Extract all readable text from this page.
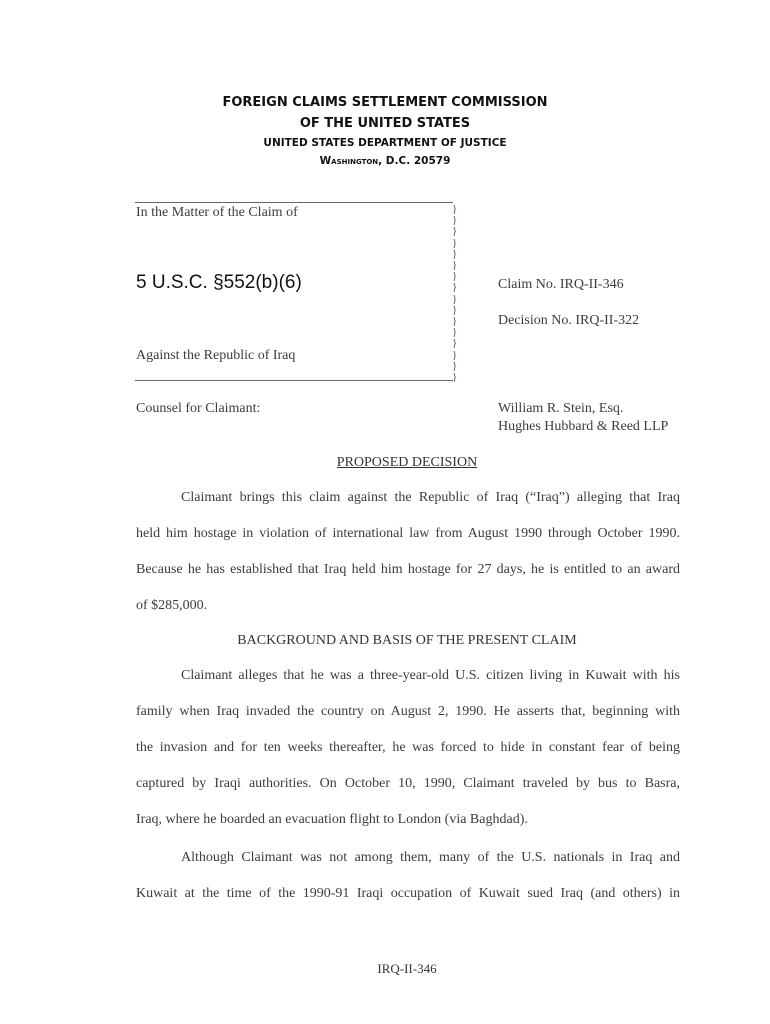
FOREIGN CLAIMS SETTLEMENT COMMISSION
OF THE UNITED STATES
UNITED STATES DEPARTMENT OF JUSTICE
Washington, D.C. 20579
}
}
}
}
}
}
}
}
}
}
}
}
}
}
}
}
In the Matter of the Claim of
5 U.S.C. §552(b)(6)
Against the Republic of Iraq
Claim No. IRQ-II-346
Decision No. IRQ-II-322
Counsel for Claimant:	William R. Stein, Esq.
Hughes Hubbard & Reed LLP
PROPOSED DECISION
Claimant brings this claim against the Republic of Iraq (“Iraq”) alleging that Iraq
held him hostage in violation of international law from August 1990 through October 1990.
Because he has established that Iraq held him hostage for 27 days, he is entitled to an award
of $285,000.
BACKGROUND AND BASIS OF THE PRESENT CLAIM
Claimant alleges that he was a three-year-old U.S. citizen living in Kuwait with his
family when Iraq invaded the country on August 2, 1990. He asserts that, beginning with
the invasion and for ten weeks thereafter, he was forced to hide in constant fear of being
captured by Iraqi authorities. On October 10, 1990, Claimant traveled by bus to Basra,
Iraq, where he boarded an evacuation flight to London (via Baghdad).
Although Claimant was not among them, many of the U.S. nationals in Iraq and
Kuwait at the time of the 1990-91 Iraqi occupation of Kuwait sued Iraq (and others) in
IRQ-II-346
